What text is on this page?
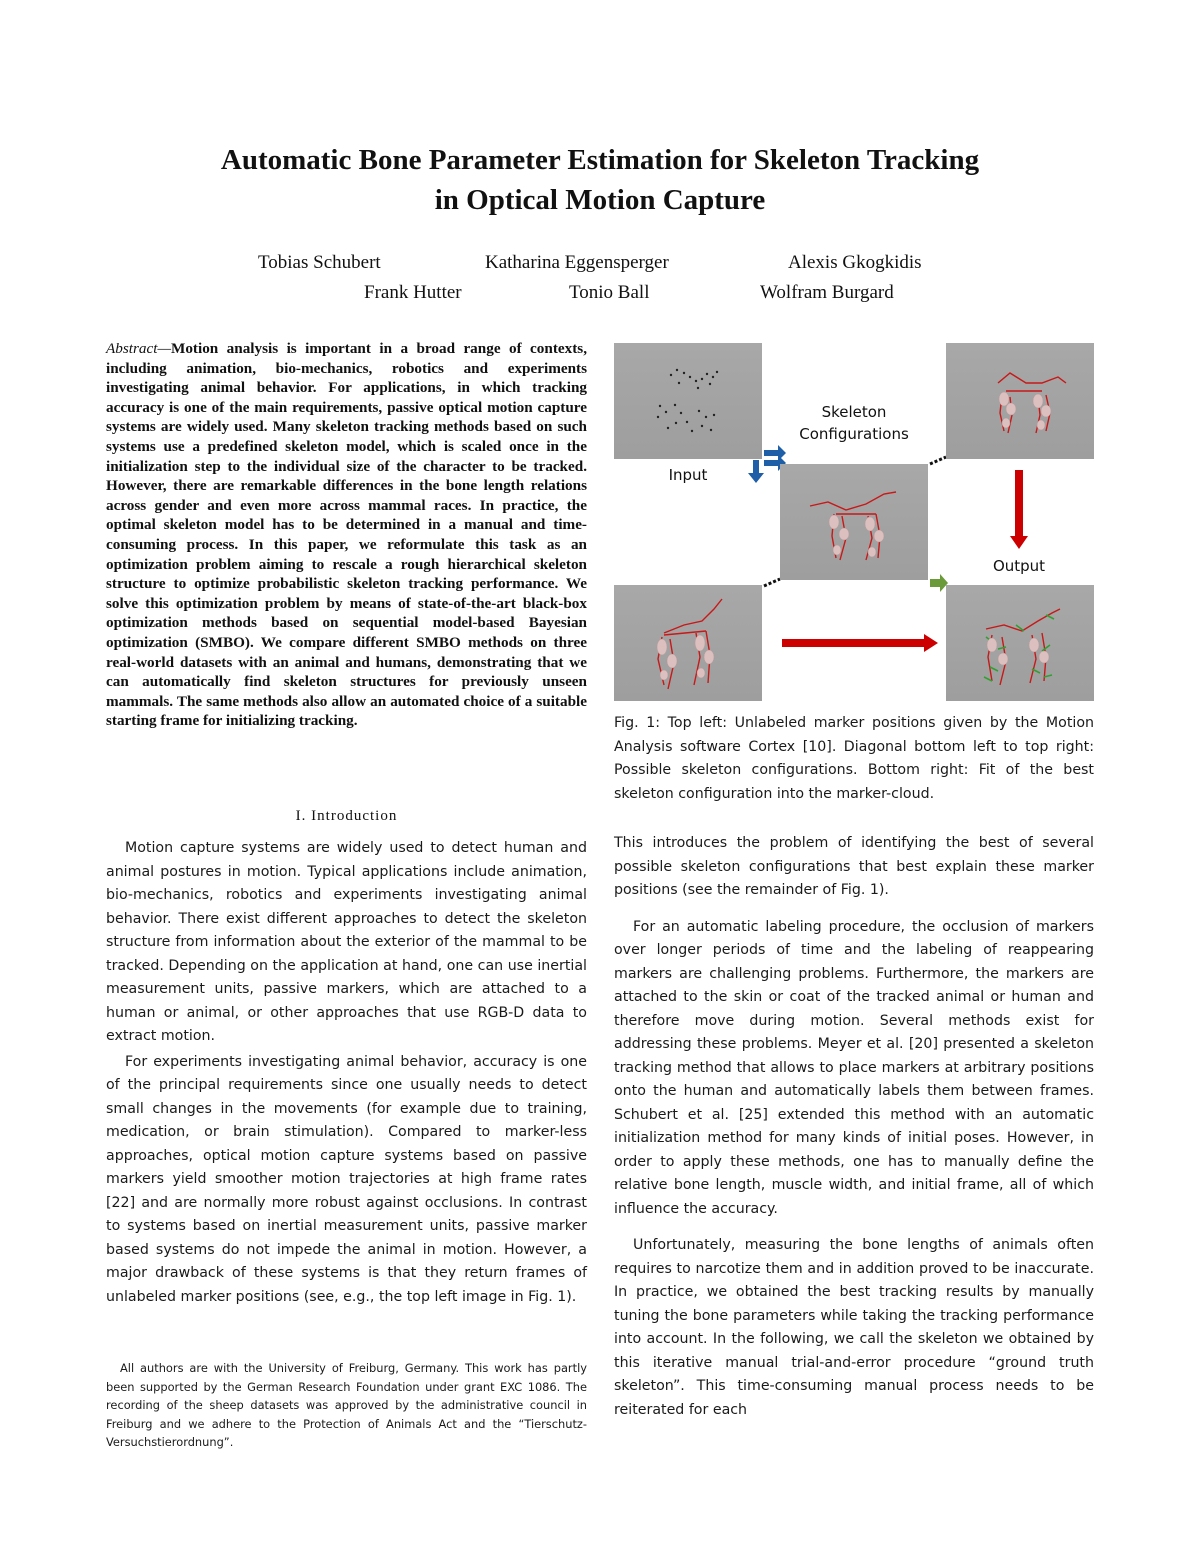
Automatic Bone Parameter Estimation for Skeleton Tracking
in Optical Motion Capture
Tobias Schubert	Katharina Eggensperger	Alexis Gkogkidis
Frank Hutter	Tonio Ball	Wolfram Burgard
Abstract—Motion analysis is important in a broad range of contexts, including animation, bio-mechanics, robotics and experiments investigating animal behavior. For applications, in which tracking accuracy is one of the main requirements, passive optical motion capture systems are widely used. Many skeleton tracking methods based on such systems use a predefined skeleton model, which is scaled once in the initialization step to the individual size of the character to be tracked. However, there are remarkable differences in the bone length relations across gender and even more across mammal races. In practice, the optimal skeleton model has to be determined in a manual and time-consuming process. In this paper, we reformulate this task as an optimization problem aiming to rescale a rough hierarchical skeleton structure to optimize probabilistic skeleton tracking performance. We solve this optimization problem by means of state-of-the-art black-box optimization methods based on sequential model-based Bayesian optimization (SMBO). We compare different SMBO methods on three real-world datasets with an animal and humans, demonstrating that we can automatically find skeleton structures for previously unseen mammals. The same methods also allow an automated choice of a suitable starting frame for initializing tracking.
I. Introduction

Motion capture systems are widely used to detect human and animal postures in motion. Typical applications include animation, bio-mechanics, robotics and experiments investigating animal behavior. There exist different approaches to detect the skeleton structure from information about the exterior of the mammal to be tracked. Depending on the application at hand, one can use inertial measurement units, passive markers, which are attached to a human or animal, or other approaches that use RGB-D data to extract motion.

For experiments investigating animal behavior, accuracy is one of the principal requirements since one usually needs to detect small changes in the movements (for example due to training, medication, or brain stimulation). Compared to marker-less approaches, optical motion capture systems based on passive markers yield smoother motion trajectories at high frame rates [22] and are normally more robust against occlusions. In contrast to systems based on inertial measurement units, passive marker based systems do not impede the animal in motion. However, a major drawback of these systems is that they return frames of unlabeled marker positions (see, e.g., the top left image in Fig. 1).

All authors are with the University of Freiburg, Germany. This work has partly been supported by the German Research Foundation under grant EXC 1086. The recording of the sheep datasets was approved by the administrative council in Freiburg and we adhere to the Protection of Animals Act and the “Tierschutz-Versuchstierordnung”.
Skeleton
Configurations
Input
Output
Fig. 1: Top left: Unlabeled marker positions given by the Motion Analysis software Cortex [10]. Diagonal bottom left to top right: Possible skeleton configurations. Bottom right: Fit of the best skeleton configuration into the marker-cloud.

This introduces the problem of identifying the best of several possible skeleton configurations that best explain these marker positions (see the remainder of Fig. 1).

For an automatic labeling procedure, the occlusion of markers over longer periods of time and the labeling of reappearing markers are challenging problems. Furthermore, the markers are attached to the skin or coat of the tracked animal or human and therefore move during motion. Several methods exist for addressing these problems. Meyer et al. [20] presented a skeleton tracking method that allows to place markers at arbitrary positions onto the human and automatically labels them between frames. Schubert et al. [25] extended this method with an automatic initialization method for many kinds of initial poses. However, in order to apply these methods, one has to manually define the relative bone length, muscle width, and initial frame, all of which influence the accuracy.

Unfortunately, measuring the bone lengths of animals often requires to narcotize them and in addition proved to be inaccurate. In practice, we obtained the best tracking results by manually tuning the bone parameters while taking the tracking performance into account. In the following, we call the skeleton we obtained by this iterative manual trial-and-error procedure “ground truth skeleton”. This time-consuming manual process needs to be reiterated for each
